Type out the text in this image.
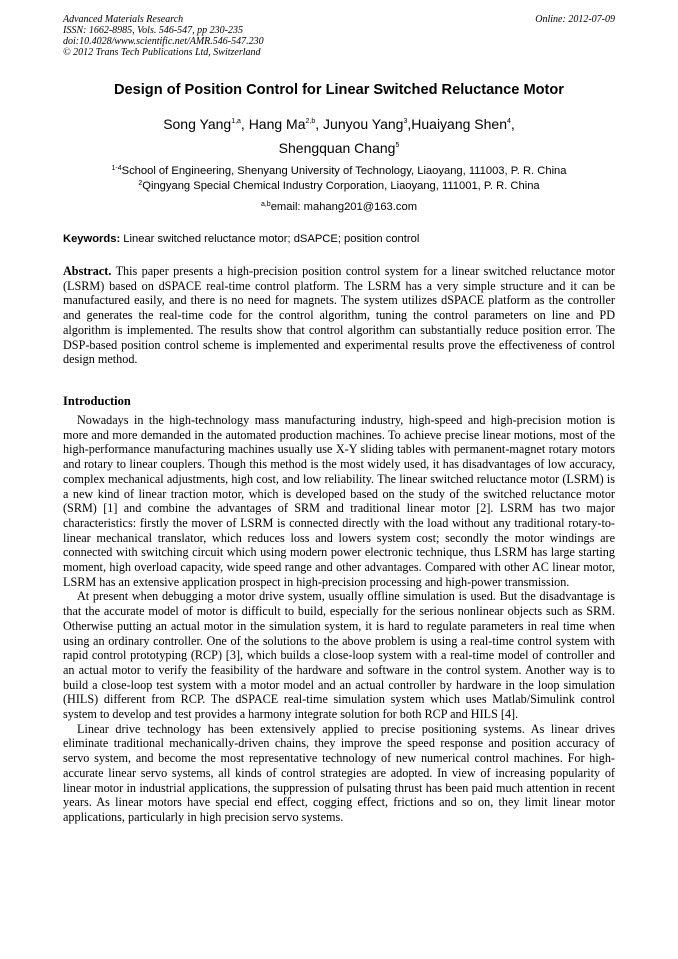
Advanced Materials Research	Online: 2012-07-09
ISSN: 1662-8985, Vols. 546-547, pp 230-235
doi:10.4028/www.scientific.net/AMR.546-547.230
© 2012 Trans Tech Publications Ltd, Switzerland
Design of Position Control for Linear Switched Reluctance Motor
Song Yang$^{1,a}$, Hang Ma$^{2,b}$, Junyou Yang$^3$,Huaiyang Shen$^4$,
Shengquan Chang$^5$
$^{1-4}$School of Engineering, Shenyang University of Technology, Liaoyang, 111003, P. R. China
$^2$Qingyang Special Chemical Industry Corporation, Liaoyang, 111001, P. R. China
$^{a,b}$email: mahang201@163.com
Keywords: Linear switched reluctance motor; dSAPCE; position control

Abstract. This paper presents a high-precision position control system for a linear switched reluctance motor (LSRM) based on dSPACE real-time control platform. The LSRM has a very simple structure and it can be manufactured easily, and there is no need for magnets. The system utilizes dSPACE platform as the controller and generates the real-time code for the control algorithm, tuning the control parameters on line and PD algorithm is implemented. The results show that control algorithm can substantially reduce position error. The DSP-based position control scheme is implemented and experimental results prove the effectiveness of control design method.

Introduction

Nowadays in the high-technology mass manufacturing industry, high-speed and high-precision motion is more and more demanded in the automated production machines. To achieve precise linear motions, most of the high-performance manufacturing machines usually use X-Y sliding tables with permanent-magnet rotary motors and rotary to linear couplers. Though this method is the most widely used, it has disadvantages of low accuracy, complex mechanical adjustments, high cost, and low reliability. The linear switched reluctance motor (LSRM) is a new kind of linear traction motor, which is developed based on the study of the switched reluctance motor (SRM) [1] and combine the advantages of SRM and traditional linear motor [2]. LSRM has two major characteristics: firstly the mover of LSRM is connected directly with the load without any traditional rotary-to-linear mechanical translator, which reduces loss and lowers system cost; secondly the motor windings are connected with switching circuit which using modern power electronic technique, thus LSRM has large starting moment, high overload capacity, wide speed range and other advantages. Compared with other AC linear motor, LSRM has an extensive application prospect in high-precision processing and high-power transmission.

At present when debugging a motor drive system, usually offline simulation is used. But the disadvantage is that the accurate model of motor is difficult to build, especially for the serious nonlinear objects such as SRM. Otherwise putting an actual motor in the simulation system, it is hard to regulate parameters in real time when using an ordinary controller. One of the solutions to the above problem is using a real-time control system with rapid control prototyping (RCP) [3], which builds a close-loop system with a real-time model of controller and an actual motor to verify the feasibility of the hardware and software in the control system. Another way is to build a close-loop test system with a motor model and an actual controller by hardware in the loop simulation (HILS) different from RCP. The dSPACE real-time simulation system which uses Matlab/Simulink control system to develop and test provides a harmony integrate solution for both RCP and HILS [4].

Linear drive technology has been extensively applied to precise positioning systems. As linear drives eliminate traditional mechanically-driven chains, they improve the speed response and position accuracy of servo system, and become the most representative technology of new numerical control machines. For high-accurate linear servo systems, all kinds of control strategies are adopted. In view of increasing popularity of linear motor in industrial applications, the suppression of pulsating thrust has been paid much attention in recent years. As linear motors have special end effect, cogging effect, frictions and so on, they limit linear motor applications, particularly in high precision servo systems.
